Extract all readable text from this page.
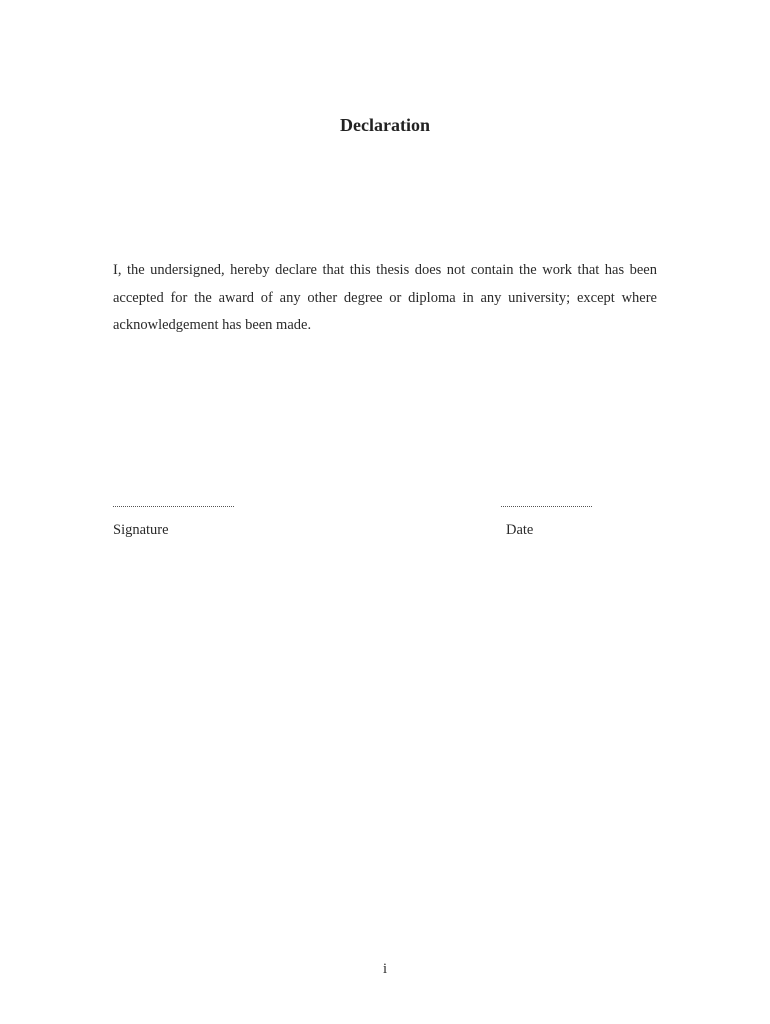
Declaration

I, the undersigned, hereby declare that this thesis does not contain the work that has been accepted for the award of any other degree or diploma in any university; except where acknowledgement has been made.

Signature	Date
i
